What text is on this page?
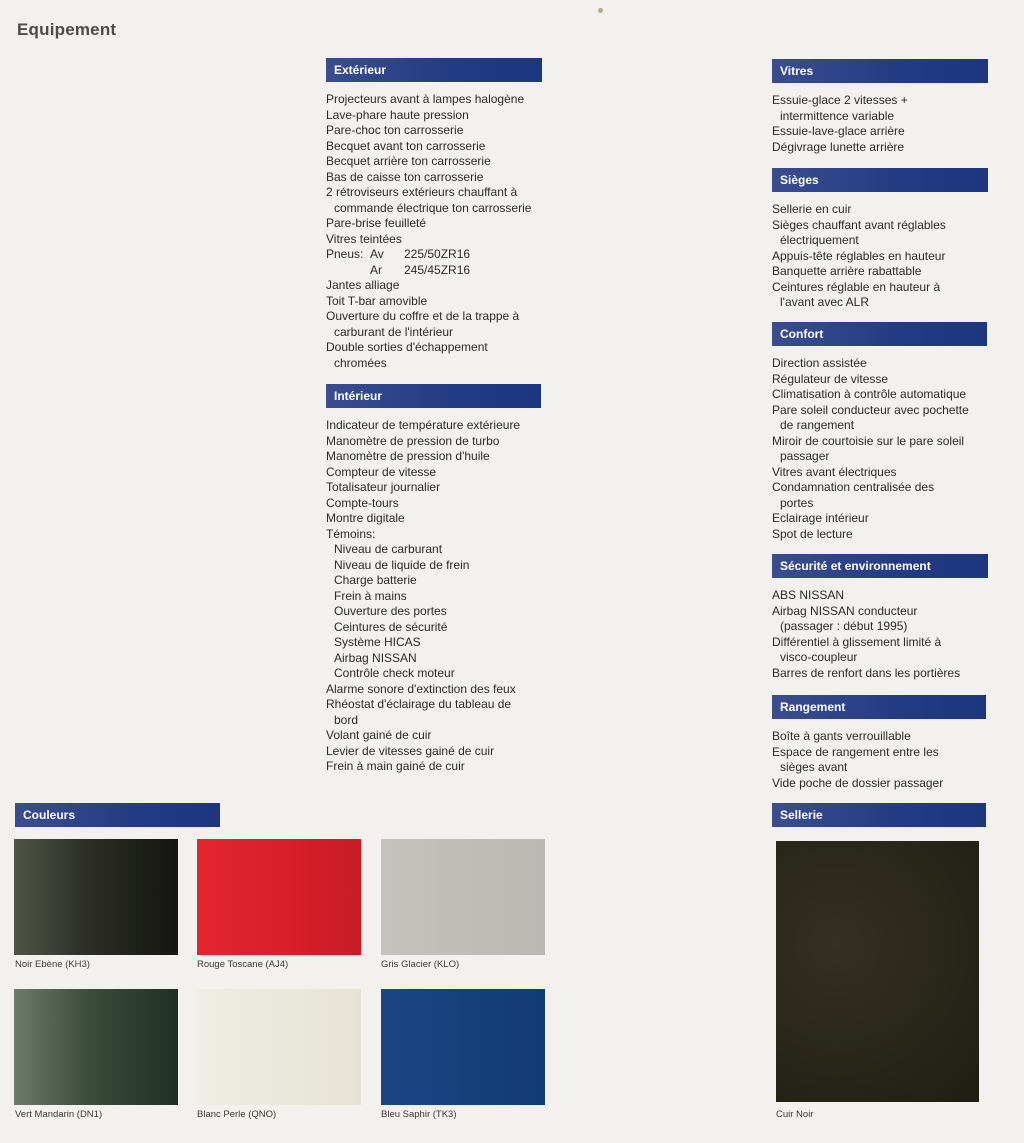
Equipement
Extérieur
Projecteurs avant à lampes halogène
Lave-phare haute pression
Pare-choc ton carrosserie
Becquet avant ton carrosserie
Becquet arrière ton carrosserie
Bas de caisse ton carrosserie
2 rétroviseurs extérieurs chauffant à
commande électrique ton carrosserie
Pare-brise feuilleté
Vitres teintées
Pneus: Av	225/50ZR16
Ar	245/45ZR16
Jantes alliage
Toit T-bar amovible
Ouverture du coffre et de la trappe à
carburant de l'intérieur
Double sorties d'échappement
chromées
Intérieur
Indicateur de température extérieure
Manomètre de pression de turbo
Manomètre de pression d'huile
Compteur de vitesse
Totalisateur journalier
Compte-tours
Montre digitale
Témoins:
Niveau de carburant
Niveau de liquide de frein
Charge batterie
Frein à mains
Ouverture des portes
Ceintures de sécurité
Système HICAS
Airbag NISSAN
Contrôle check moteur
Alarme sonore d'extinction des feux
Rhéostat d'éclairage du tableau de
bord
Volant gainé de cuir
Levier de vitesses gainé de cuir
Frein à main gainé de cuir
Vitres
Essuie-glace 2 vitesses +
intermittence variable
Essuie-lave-glace arrière
Dégivrage lunette arrière
Sièges
Sellerie en cuir
Sièges chauffant avant réglables
électriquement
Appuis-tête réglables en hauteur
Banquette arrière rabattable
Ceintures réglable en hauteur à
l'avant avec ALR
Confort
Direction assistée
Régulateur de vitesse
Climatisation à contrôle automatique
Pare soleil conducteur avec pochette
de rangement
Miroir de courtoisie sur le pare soleil
passager
Vitres avant électriques
Condamnation centralisée des
portes
Eclairage intérieur
Spot de lecture
Sécurité et environnement
ABS NISSAN
Airbag NISSAN conducteur
(passager : début 1995)
Différentiel à glissement limité à
visco-coupleur
Barres de renfort dans les portières
Rangement
Boîte à gants verrouillable
Espace de rangement entre les
sièges avant
Vide poche de dossier passager
Sellerie
Cuir Noir
Couleurs
Noir Ebène (KH3)	Rouge Toscane (AJ4)	Gris Glacier (KLO)
Vert Mandarin (DN1)	Blanc Perle (QNO)	Bleu Saphir (TK3)
